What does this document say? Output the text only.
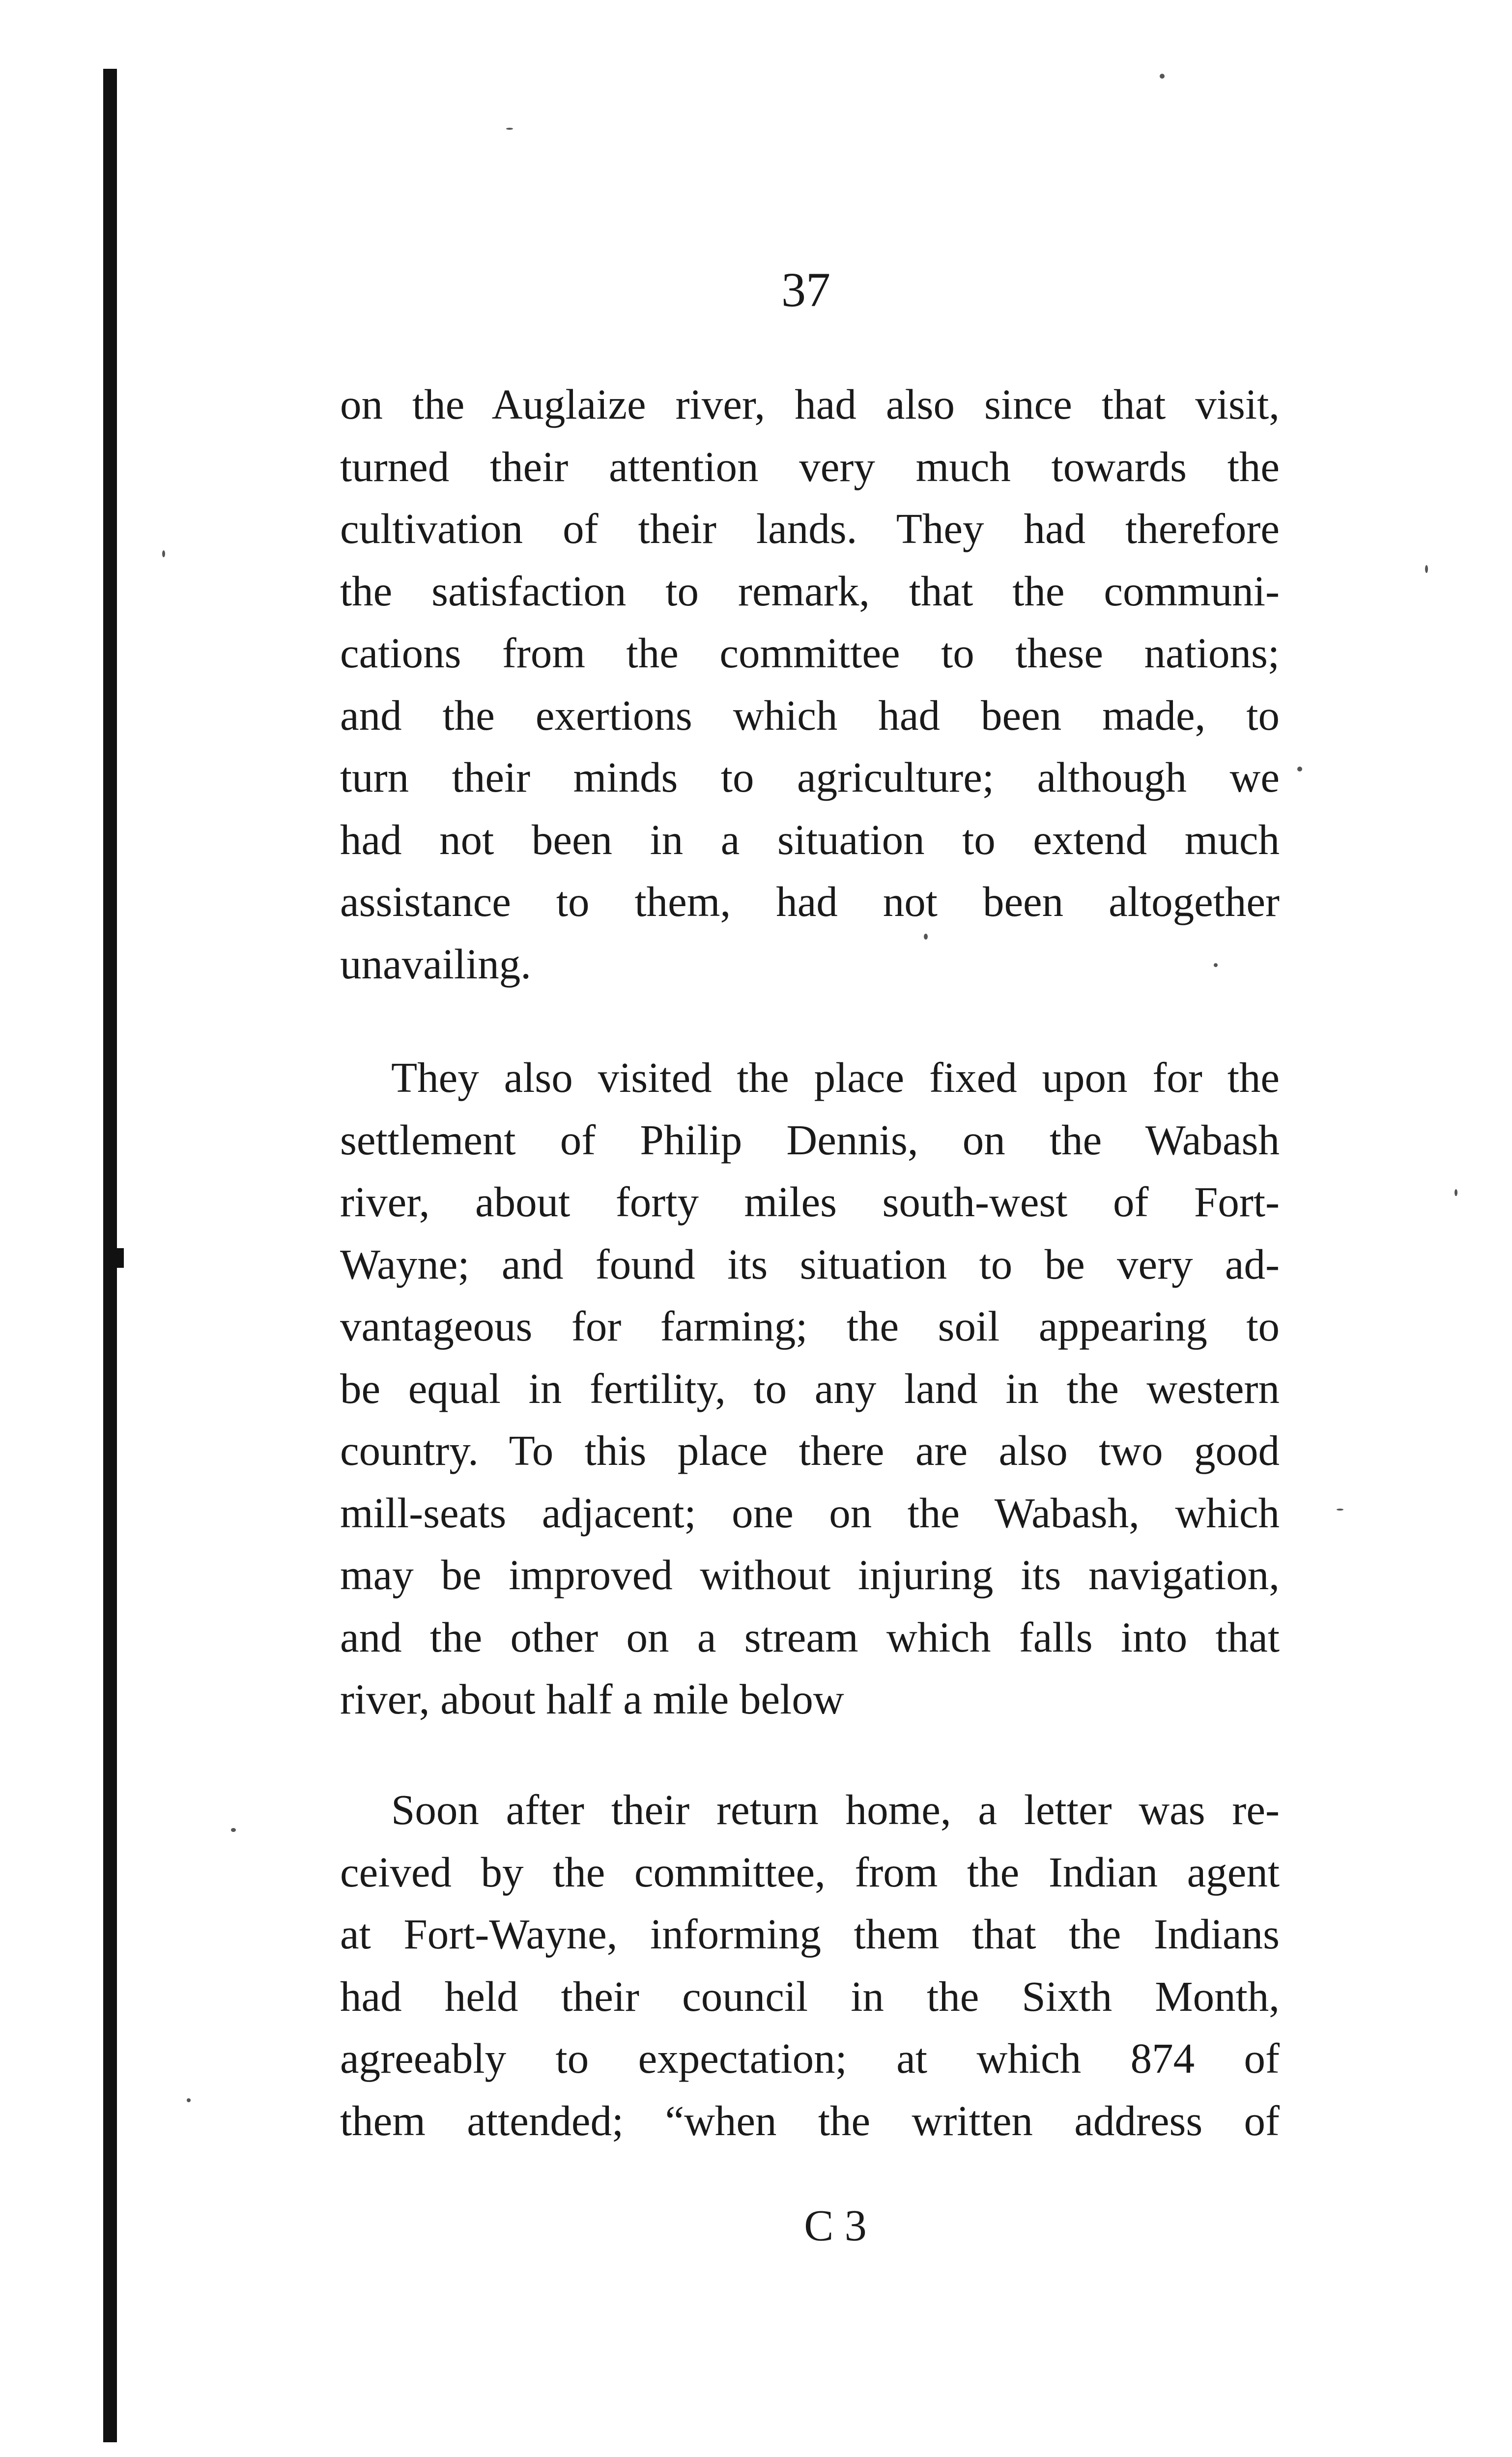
37
on the Auglaize river, had also since that visit,
turned their attention very much towards the
cultivation of their lands. They had therefore
the satisfaction to remark, that the communi-
cations from the committee to these nations;
and the exertions which had been made, to
turn their minds to agriculture; although we
had not been in a situation to extend much
assistance to them, had not been altogether
unavailing.
They also visited the place fixed upon for the
settlement of Philip Dennis, on the Wabash
river, about forty miles south-west of Fort-
Wayne; and found its situation to be very ad-
vantageous for farming; the soil appearing to
be equal in fertility, to any land in the western
country. To this place there are also two good
mill-seats adjacent; one on the Wabash, which
may be improved without injuring its navigation,
and the other on a stream which falls into that
river, about half a mile below
Soon after their return home, a letter was re-
ceived by the committee, from the Indian agent
at Fort-Wayne, informing them that the Indians
had held their council in the Sixth Month,
agreeably to expectation; at which 874 of
them attended; “when the written address of
C 3
